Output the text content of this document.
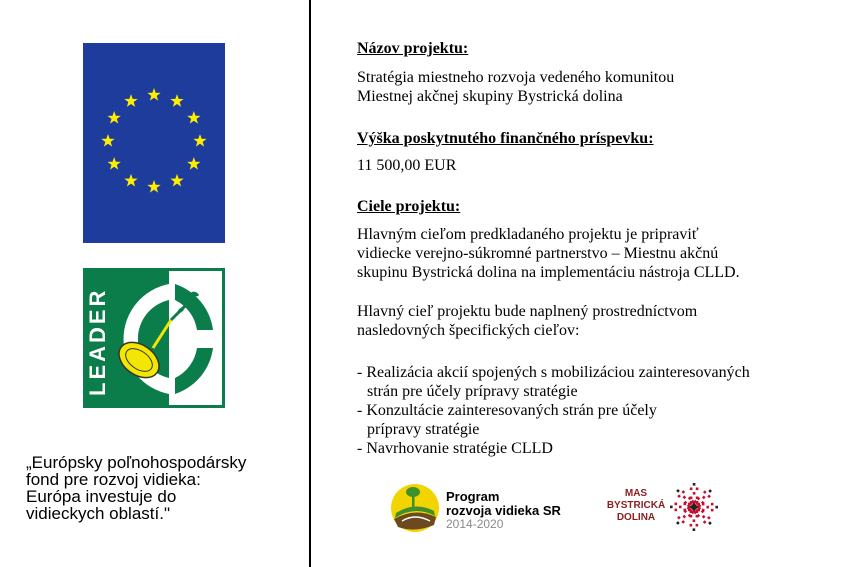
LEADER
„Európsky poľnohospodársky
fond pre rozvoj vidieka:
Európa investuje do
vidieckych oblastí."
Názov projektu:
Stratégia miestneho rozvoja vedeného komunitou
Miestnej akčnej skupiny Bystrická dolina
Výška poskytnutého finančného príspevku:
11 500,00 EUR
Ciele projektu:
Hlavným cieľom predkladaného projektu je pripraviť
vidiecke verejno-súkromné partnerstvo – Miestnu akčnú
skupinu Bystrická dolina na implementáciu nástroja CLLD.
Hlavný cieľ projektu bude naplnený prostredníctvom
nasledovných špecifických cieľov:
- Realizácia akcií spojených s mobilizáciou zainteresovaných
strán pre účely prípravy stratégie
- Konzultácie zainteresovaných strán pre účely
prípravy stratégie
- Navrhovanie stratégie CLLD
Program
rozvoja vidieka SR
2014-2020
MAS
BYSTRICKÁ
DOLINA
